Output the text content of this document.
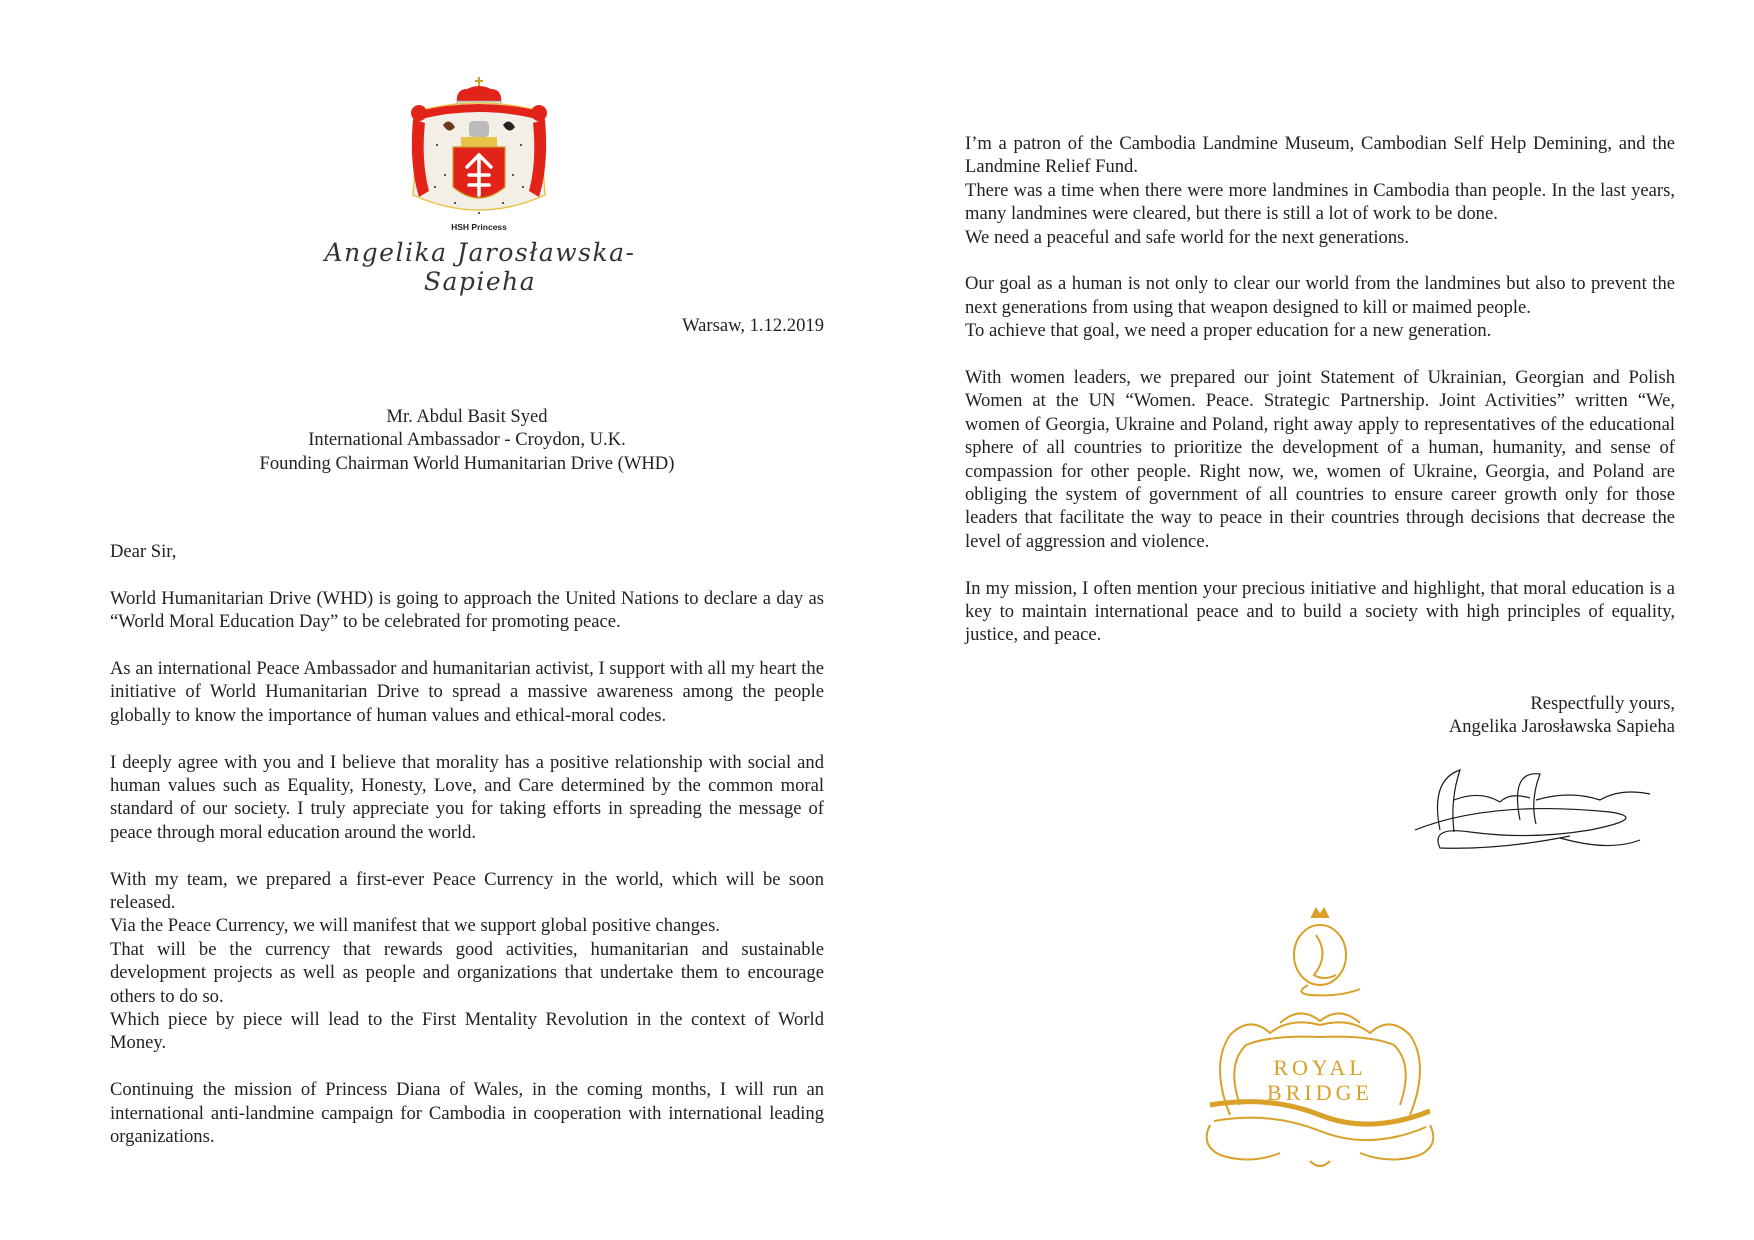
HSH Princess
Angelika Jarosławska-Sapieha
Warsaw, 1.12.2019
Mr. Abdul Basit Syed
International Ambassador - Croydon, U.K.
Founding Chairman World Humanitarian Drive (WHD)

Dear Sir,

World Humanitarian Drive (WHD) is going to approach the United Nations to declare a day as “World Moral Education Day” to be celebrated for promoting peace.

As an international Peace Ambassador and humanitarian activist, I support with all my heart the initiative of World Humanitarian Drive to spread a massive awareness among the people globally to know the importance of human values and ethical-moral codes.

I deeply agree with you and I believe that morality has a positive relationship with social and human values such as Equality, Honesty, Love, and Care determined by the common moral standard of our society. I truly appreciate you for taking efforts in spreading the message of peace through moral education around the world.

With my team, we prepared a first-ever Peace Currency in the world, which will be soon released.
Via the Peace Currency, we will manifest that we support global positive changes.
That will be the currency that rewards good activities, humanitarian and sustainable development projects as well as people and organizations that undertake them to encourage others to do so.
Which piece by piece will lead to the First Mentality Revolution in the context of World Money.

Continuing the mission of Princess Diana of Wales, in the coming months, I will run an international anti-landmine campaign for Cambodia in cooperation with international leading organizations.

I’m a patron of the Cambodia Landmine Museum, Cambodian Self Help Demining, and the Landmine Relief Fund.
There was a time when there were more landmines in Cambodia than people. In the last years, many landmines were cleared, but there is still a lot of work to be done.
We need a peaceful and safe world for the next generations.

Our goal as a human is not only to clear our world from the landmines but also to prevent the next generations from using that weapon designed to kill or maimed people.
To achieve that goal, we need a proper education for a new generation.

With women leaders, we prepared our joint Statement of Ukrainian, Georgian and Polish Women at the UN “Women. Peace. Strategic Partnership. Joint Activities” written “We, women of Georgia, Ukraine and Poland, right away apply to representatives of the educational sphere of all countries to prioritize the development of a human, humanity, and sense of compassion for other people. Right now, we, women of Ukraine, Georgia, and Poland are obliging the system of government of all countries to ensure career growth only for those leaders that facilitate the way to peace in their countries through decisions that decrease the level of aggression and violence.

In my mission, I often mention your precious initiative and highlight, that moral education is a key to maintain international peace and to build a society with high principles of equality, justice, and peace.

Respectfully yours,
Angelika Jarosławska Sapieha
ROYAL
BRIDGE
